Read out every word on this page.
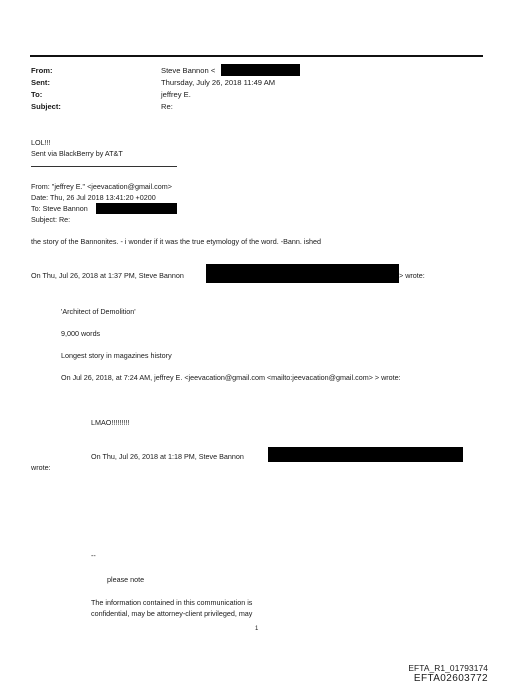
From:
Sent:
To:
Subject:
Steve Bannon <
Thursday, July 26, 2018 11:49 AM
jeffrey E.
Re:
LOL!!!
Sent via BlackBerry by AT&T
From: "jeffrey E." <jeevacation@gmail.com>
Date: Thu, 26 Jul 2018 13:41:20 +0200
To: Steve Bannon
Subject: Re:
the story of the Bannonites. - i wonder if it was the true etymology of the word. -Bann. ished
On Thu, Jul 26, 2018 at 1:37 PM, Steve Bannon	> wrote:
'Architect of Demolition'
9,000 words
Longest story in magazines history
On Jul 26, 2018, at 7:24 AM, jeffrey E. <jeevacation@gmail.com <mailto:jeevacation@gmail.com> > wrote:
LMAO!!!!!!!!!
On Thu, Jul 26, 2018 at 1:18 PM, Steve Bannon
wrote:
--
please note
The information contained in this communication is
confidential, may be attorney-client privileged, may
1
EFTA_R1_01793174
EFTA02603772
